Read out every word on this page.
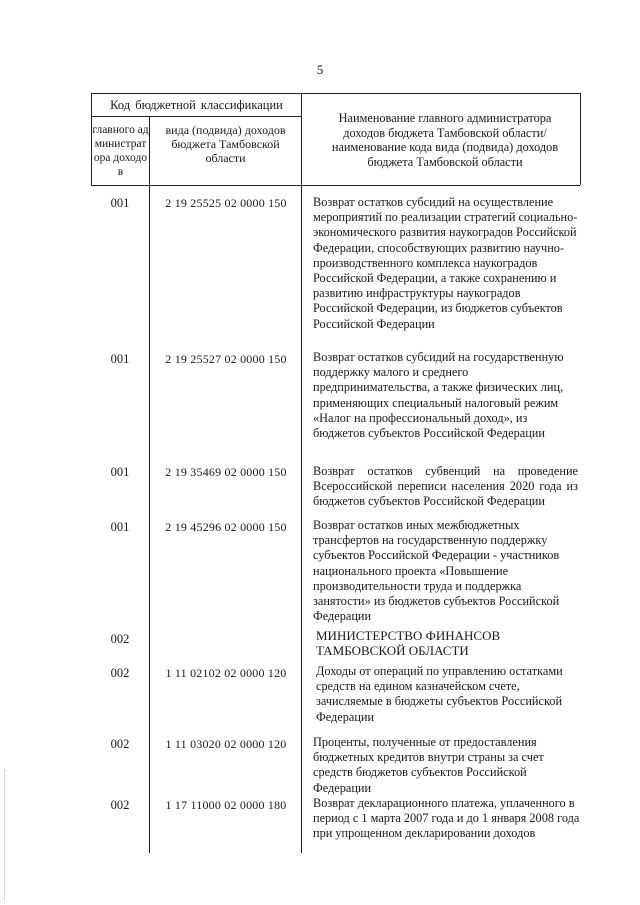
5
Код бюджетной классификации
главного администратора доходов
вида (подвида) доходов бюджета Тамбовской области
Наименование главного администратора доходов бюджета Тамбовской области/наименование кода вида (подвида) доходов бюджета Тамбовской области
001	2 19 25525 02 0000 150	Возврат остатков субсидий на осуществление мероприятий по реализации стратегий социально-экономического развития наукоградов Российской Федерации, способствующих развитию научно-производственного комплекса наукоградов Российской Федерации, а также сохранению и развитию инфраструктуры наукоградов Российской Федерации, из бюджетов субъектов Российской Федерации
001	2 19 25527 02 0000 150	Возврат остатков субсидий на государственную поддержку малого и среднего предпринимательства, а также физических лиц, применяющих специальный налоговый режим «Налог на профессиональный доход», из бюджетов субъектов Российской Федерации
001	2 19 35469 02 0000 150	Возврат остатков субвенций на проведение Всероссийской переписи населения 2020 года из бюджетов субъектов Российской Федерации
001	2 19 45296 02 0000 150	Возврат остатков иных межбюджетных трансфертов на государственную поддержку субъектов Российской Федерации - участников национального проекта «Повышение производительности труда и поддержка занятости» из бюджетов субъектов Российской Федерации
002	МИНИСТЕРСТВО ФИНАНСОВ ТАМБОВСКОЙ ОБЛАСТИ
002	1 11 02102 02 0000 120	Доходы от операций по управлению остатками средств на едином казначейском счете, зачисляемые в бюджеты субъектов Российской Федерации
002	1 11 03020 02 0000 120	Проценты, полученные от предоставления бюджетных кредитов внутри страны за счет средств бюджетов субъектов Российской Федерации
002	1 17 11000 02 0000 180	Возврат декларационного платежа, уплаченного в период с 1 марта 2007 года и до 1 января 2008 года при упрощенном декларировании доходов
